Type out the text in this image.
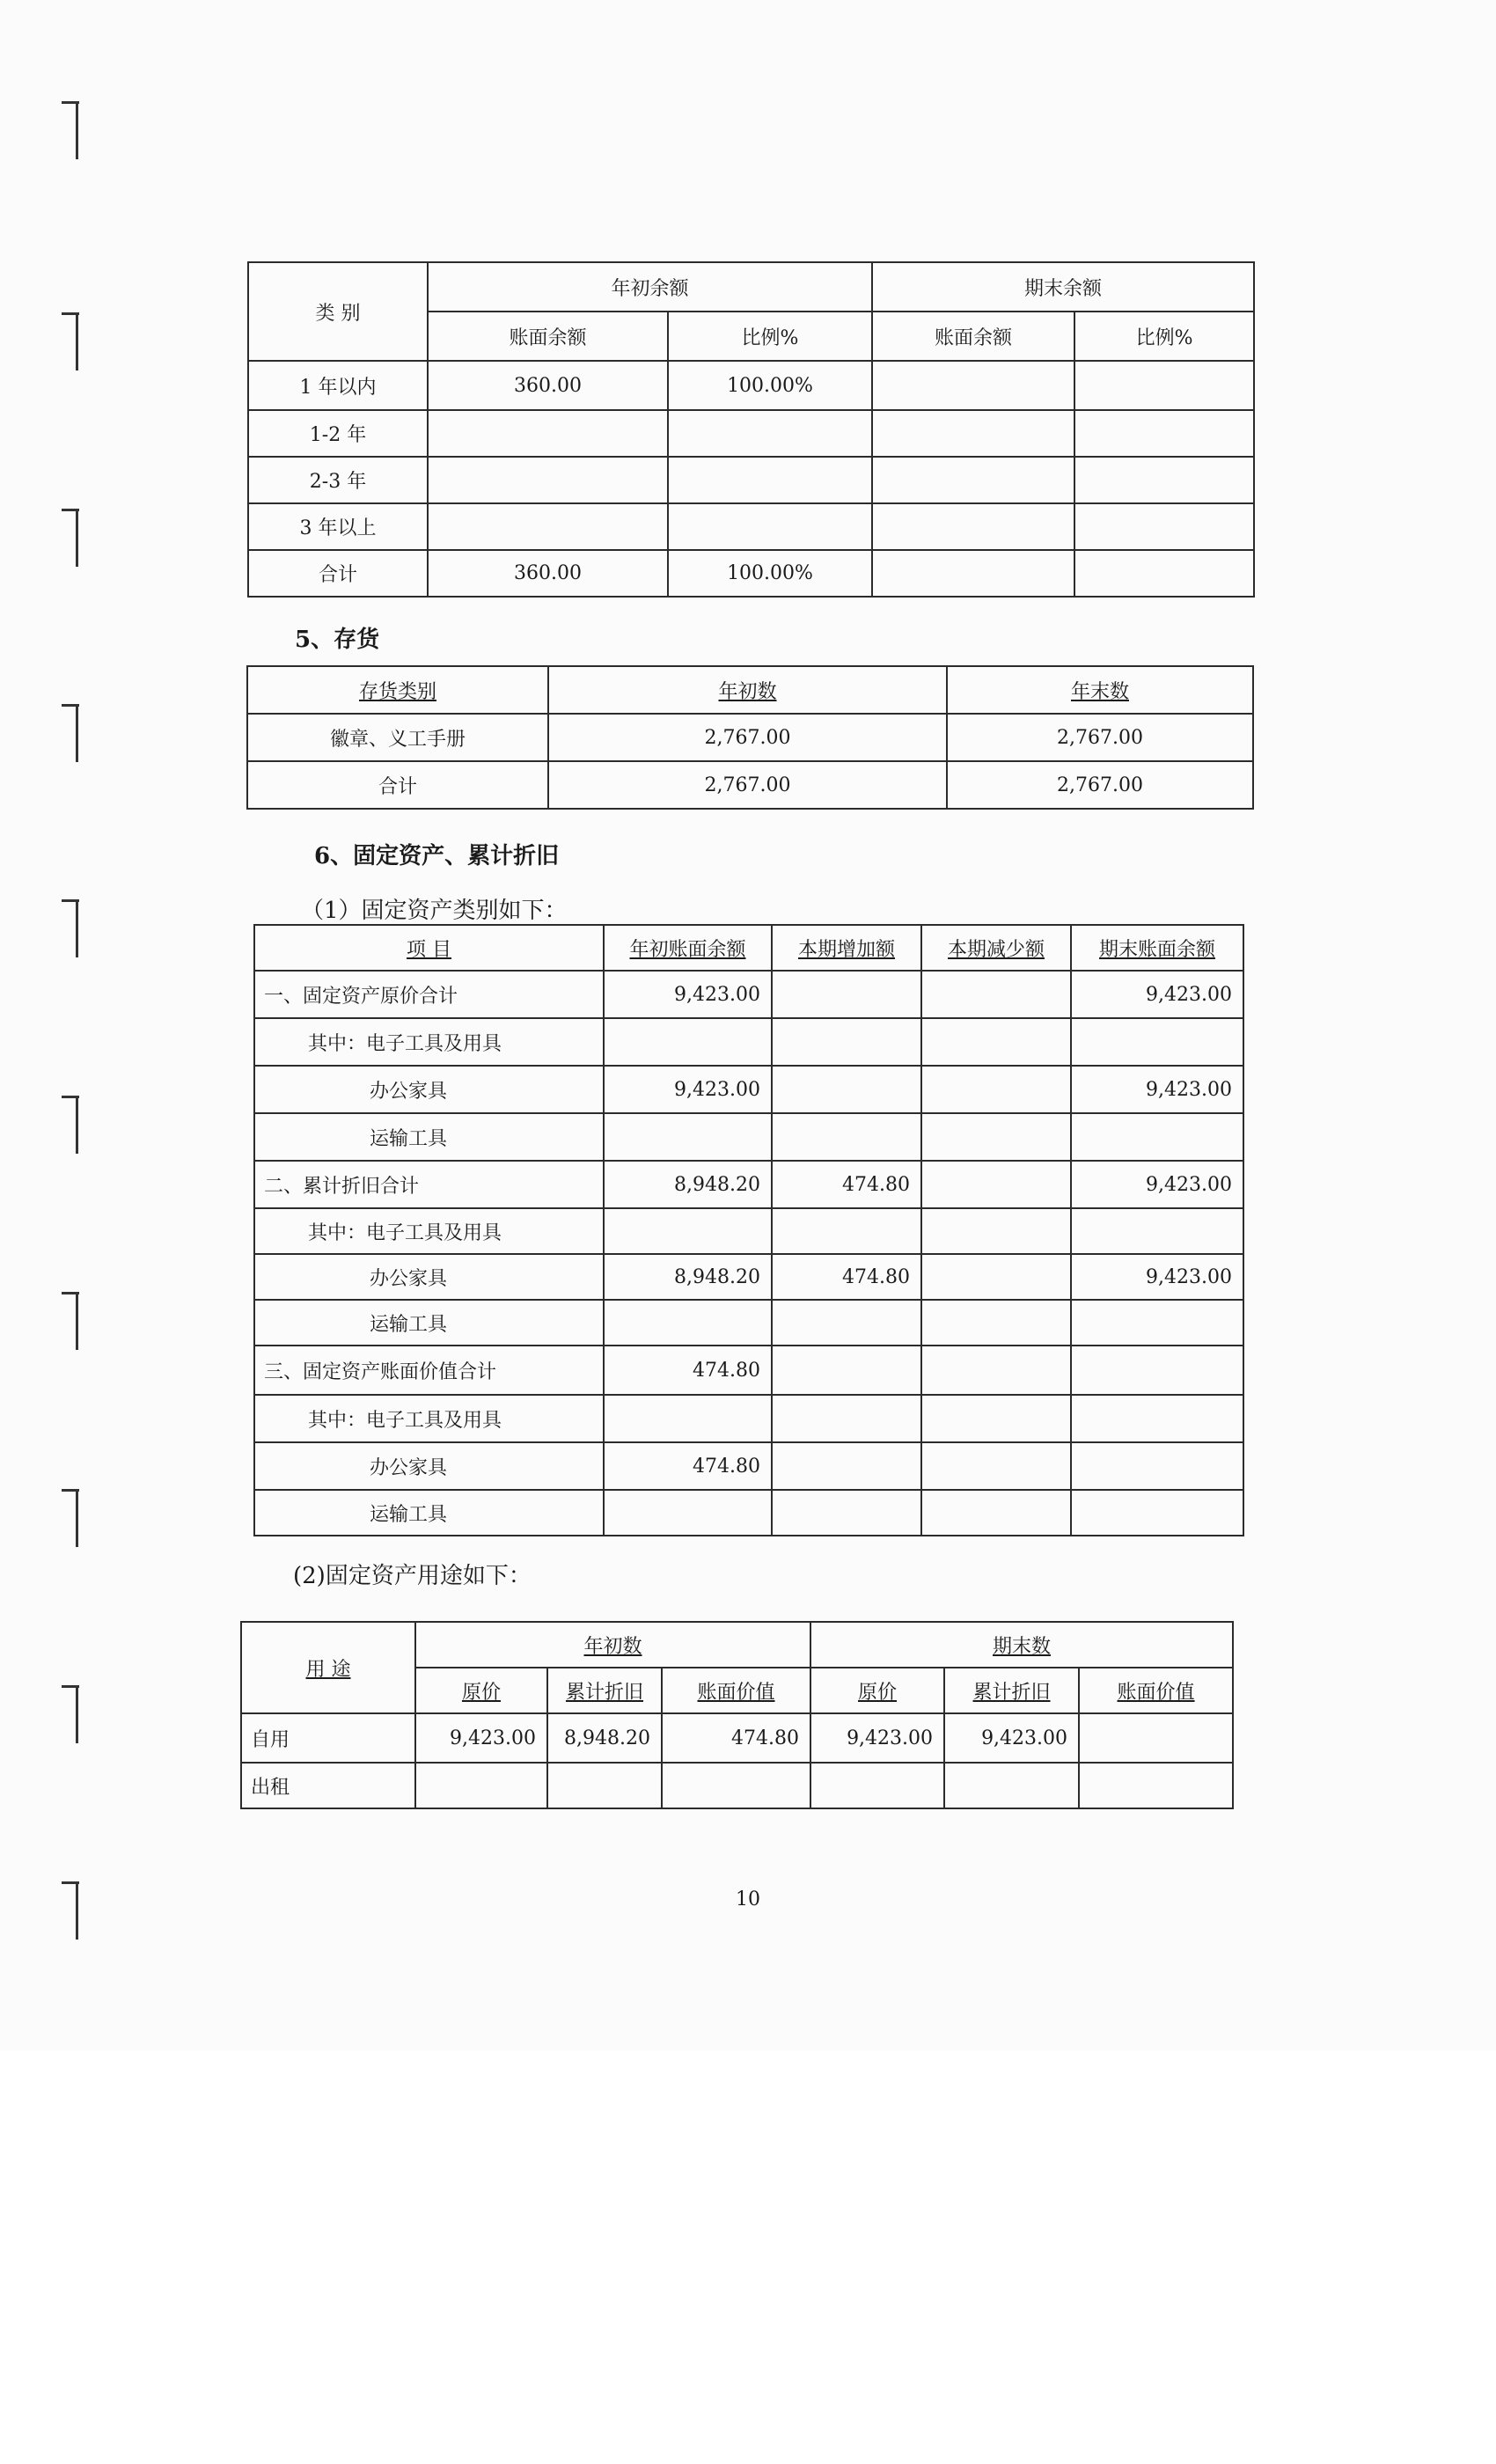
类 别	年初余额		期末余额	
	账面余额	比例%	账面余额	比例%
1 年以内	360.00	100.00%		
1-2 年				
2-3 年				
3 年以上				
合计	360.00	100.00%		
5、存货
存货类别	年初数	年末数
徽章、义工手册	2,767.00	2,767.00
合计	2,767.00	2,767.00
6、固定资产、累计折旧
（1）固定资产类别如下：
项 目	年初账面余额	本期增加额	本期减少额	期末账面余额
一、固定资产原价合计	9,423.00			9,423.00
其中：电子工具及用具				
办公家具	9,423.00			9,423.00
运输工具				
二、累计折旧合计	8,948.20	474.80		9,423.00
其中：电子工具及用具				
办公家具	8,948.20	474.80		9,423.00
运输工具				
三、固定资产账面价值合计	474.80			
其中：电子工具及用具				
办公家具	474.80			
运输工具				
(2)固定资产用途如下：
用 途	年初数			期末数		
	原价	累计折旧	账面价值	原价	累计折旧	账面价值
自用	9,423.00	8,948.20	474.80	9,423.00	9,423.00	
出租						
10
